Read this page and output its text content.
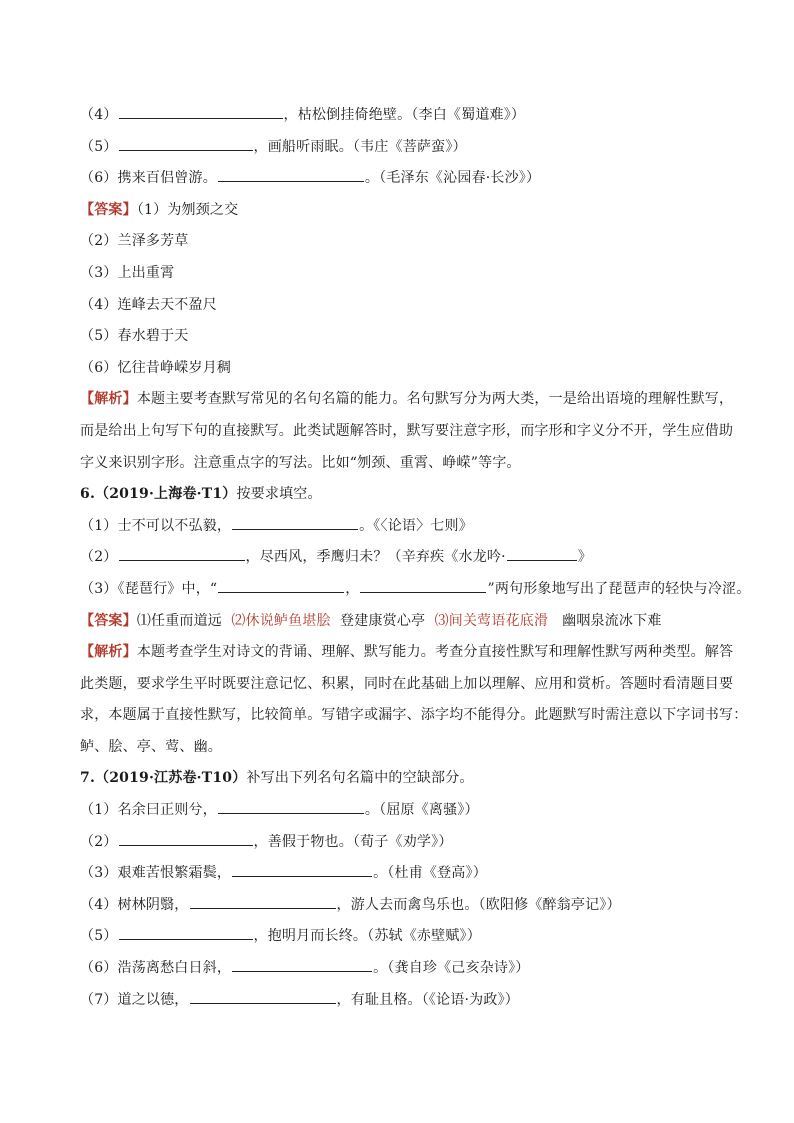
（4）	，枯松倒挂倚绝壁。（李白《蜀道难》）
（5）	，画船听雨眠。（韦庄《菩萨蛮》）
（6）携来百侣曾游。	。（毛泽东《沁园春·长沙》）
【答案】（1）为刎颈之交
（2）兰泽多芳草
（3）上出重霄
（4）连峰去天不盈尺
（5）春水碧于天
（6）忆往昔峥嵘岁月稠
【解析】本题主要考查默写常见的名句名篇的能力。名句默写分为两大类，一是给出语境的理解性默写，
而是给出上句写下句的直接默写。此类试题解答时，默写要注意字形，而字形和字义分不开，学生应借助
字义来识别字形。注意重点字的写法。比如“刎颈、重霄、峥嵘”等字。
6.（2019·上海卷·T1）按要求填空。
（1）士不可以不弘毅，	。《〈论语〉七则》
（2）	，尽西风，季鹰归未？（辛弃疾《水龙吟·	》
（3）《琵琶行》中，“	，	”两句形象地写出了琵琶声的轻快与冷涩。
【答案】⑴任重而道远 ⑵休说鲈鱼堪脍 登建康赏心亭 ⑶间关莺语花底滑 幽咽泉流冰下难
【解析】本题考查学生对诗文的背诵、理解、默写能力。考查分直接性默写和理解性默写两种类型。解答
此类题，要求学生平时既要注意记忆、积累，同时在此基础上加以理解、应用和赏析。答题时看清题目要
求，本题属于直接性默写，比较简单。写错字或漏字、添字均不能得分。此题默写时需注意以下字词书写：
鲈、脍、亭、莺、幽。
7.（2019·江苏卷·T10）补写出下列名句名篇中的空缺部分。
（1）名余曰正则兮，	。（屈原《离骚》）
（2）	，善假于物也。（荀子《劝学》）
（3）艰难苦恨繁霜鬓，	。（杜甫《登高》）
（4）树林阴翳，	，游人去而禽鸟乐也。（欧阳修《醉翁亭记》）
（5）	，抱明月而长终。（苏轼《赤壁赋》）
（6）浩荡离愁白日斜，	。（龚自珍《己亥杂诗》）
（7）道之以德，	，有耻且格。（《论语·为政》）
